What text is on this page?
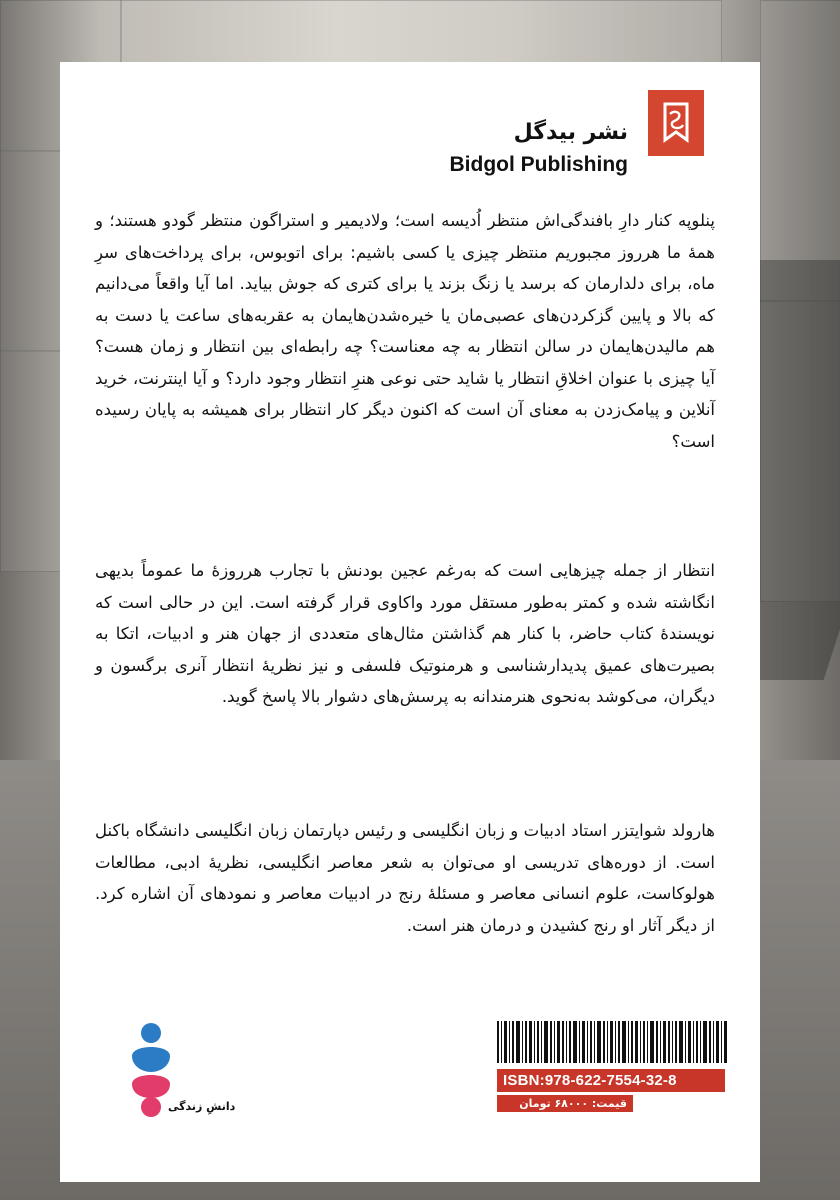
نشر بیدگل
Bidgol Publishing
پنلوپه کنار دارِ بافندگی‌اش منتظر اُدیسه است؛ ولادیمیر و استراگون منتظر گودو هستند؛ و همهٔ ما هرروز مجبوریم منتظر چیزی یا کسی باشیم: برای اتوبوس، برای پرداخت‌های سرِ ماه، برای دلدارمان که برسد یا زنگ بزند یا برای کتری که جوش بیاید. اما آیا واقعاً می‌دانیم که بالا و پایین گزکردن‌های عصبی‌مان یا خیره‌شدن‌هایمان به عقربه‌های ساعت یا دست به هم مالیدن‌هایمان در سالن انتظار به چه معناست؟ چه رابطه‌ای بین انتظار و زمان هست؟ آیا چیزی با عنوان اخلاقِ انتظار یا شاید حتی نوعی هنرِ انتظار وجود دارد؟ و آیا اینترنت، خرید آنلاین و پیامک‌زدن به معنای آن است که اکنون دیگر کار انتظار برای همیشه به پایان رسیده است؟
انتظار از جمله چیزهایی است که به‌رغم عجین بودنش با تجارب هرروزهٔ ما عموماً بدیهی انگاشته شده و کمتر به‌طور مستقل مورد واکاوی قرار گرفته است. این در حالی است که نویسندهٔ کتاب حاضر، با کنار هم گذاشتن مثال‌های متعددی از جهان هنر و ادبیات، اتکا به بصیرت‌های عمیق پدیدارشناسی و هرمنوتیک فلسفی و نیز نظریهٔ انتظار آنری برگسون و دیگران، می‌کوشد به‌نحوی هنرمندانه به پرسش‌های دشوار بالا پاسخ گوید.
هارولد شوایتزر استاد ادبیات و زبان انگلیسی و رئیس دپارتمان زبان انگلیسی دانشگاه باکنل است. از دوره‌های تدریسی او می‌توان به شعر معاصر انگلیسی، نظریهٔ ادبی، مطالعات هولوکاست، علوم انسانی معاصر و مسئلهٔ رنج در ادبیات معاصر و نمودهای آن اشاره کرد. از دیگر آثار او رنج کشیدن و درمان هنر است.
ISBN:978-622-7554-32-8
قیمت: ۶۸۰۰۰ تومان
دانشِ زندگی
